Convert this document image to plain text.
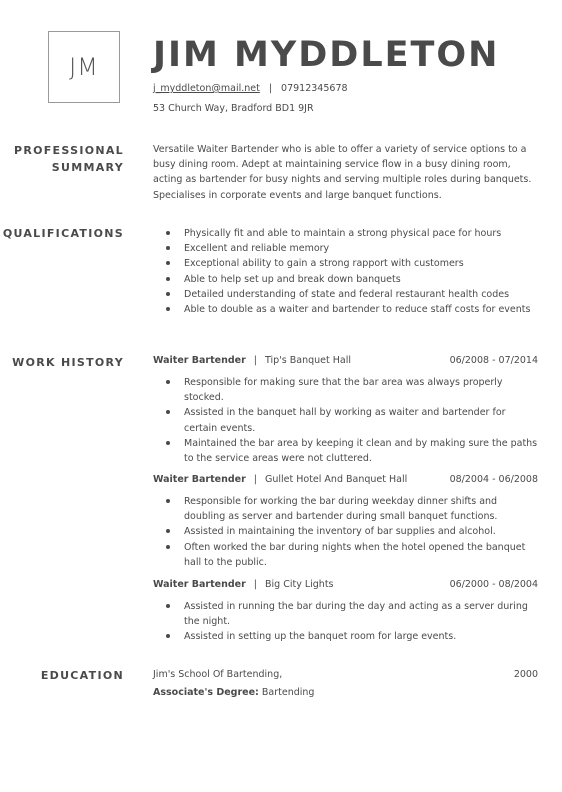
JM	JIM MYDDLETON
j_myddleton@mail.net | 07912345678
53 Church Way, Bradford BD1 9JR
PROFESSIONAL
SUMMARY
Versatile Waiter Bartender who is able to offer a variety of service options to a busy dining room. Adept at maintaining service flow in a busy dining room, acting as bartender for busy nights and serving multiple roles during banquets. Specialises in corporate events and large banquet functions.
QUALIFICATIONS	Physically fit and able to maintain a strong physical pace for hours
Excellent and reliable memory
Exceptional ability to gain a strong rapport with customers
Able to help set up and break down banquets
Detailed understanding of state and federal restaurant health codes
Able to double as a waiter and bartender to reduce staff costs for events
WORK HISTORY	Waiter Bartender | Tip's Banquet Hall	06/2008 - 07/2014
Responsible for making sure that the bar area was always properly stocked.
Assisted in the banquet hall by working as waiter and bartender for certain events.
Maintained the bar area by keeping it clean and by making sure the paths to the service areas were not cluttered.
Waiter Bartender | Gullet Hotel And Banquet Hall	08/2004 - 06/2008
Responsible for working the bar during weekday dinner shifts and doubling as server and bartender during small banquet functions.
Assisted in maintaining the inventory of bar supplies and alcohol.
Often worked the bar during nights when the hotel opened the banquet hall to the public.
Waiter Bartender | Big City Lights	06/2000 - 08/2004
Assisted in running the bar during the day and acting as a server during the night.
Assisted in setting up the banquet room for large events.
EDUCATION	Jim's School Of Bartending,	2000
Associate's Degree: Bartending
